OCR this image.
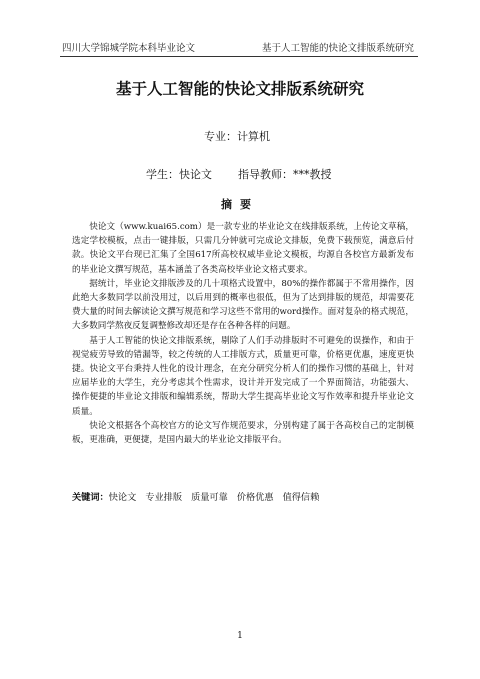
四川大学锦城学院本科毕业论文	基于人工智能的快论文排版系统研究
基于人工智能的快论文排版系统研究
专业：计算机
学生：快论文 指导教师：***教授
摘要

快论文（www.kuai65.com）是一款专业的毕业论文在线排版系统，上传论文草稿，选定学校模板，点击一键排版，只需几分钟就可完成论文排版，免费下载预览，满意后付款。快论文平台现已汇集了全国617所高校权威毕业论文模板，均源自各校官方最新发布的毕业论文撰写规范，基本涵盖了各类高校毕业论文格式要求。

据统计，毕业论文排版涉及的几十项格式设置中，80%的操作都属于不常用操作，因此绝大多数同学以前没用过，以后用到的概率也很低，但为了达到排版的规范，却需要花费大量的时间去解读论文撰写规范和学习这些不常用的word操作。面对复杂的格式规范，大多数同学熬夜反复调整修改却还是存在各种各样的问题。

基于人工智能的快论文排版系统，剔除了人们手动排版时不可避免的误操作，和由于视觉疲劳导致的错漏等，较之传统的人工排版方式，质量更可靠，价格更优惠，速度更快捷。快论文平台秉持人性化的设计理念，在充分研究分析人们的操作习惯的基础上，针对应届毕业的大学生，充分考虑其个性需求，设计并开发完成了一个界面简洁，功能强大、操作便捷的毕业论文排版和编辑系统，帮助大学生提高毕业论文写作效率和提升毕业论文质量。

快论文根据各个高校官方的论文写作规范要求，分别构建了属于各高校自己的定制模板，更准确，更便捷，是国内最大的毕业论文排版平台。

关键词：快论文 专业排版 质量可靠 价格优惠 值得信赖
1
